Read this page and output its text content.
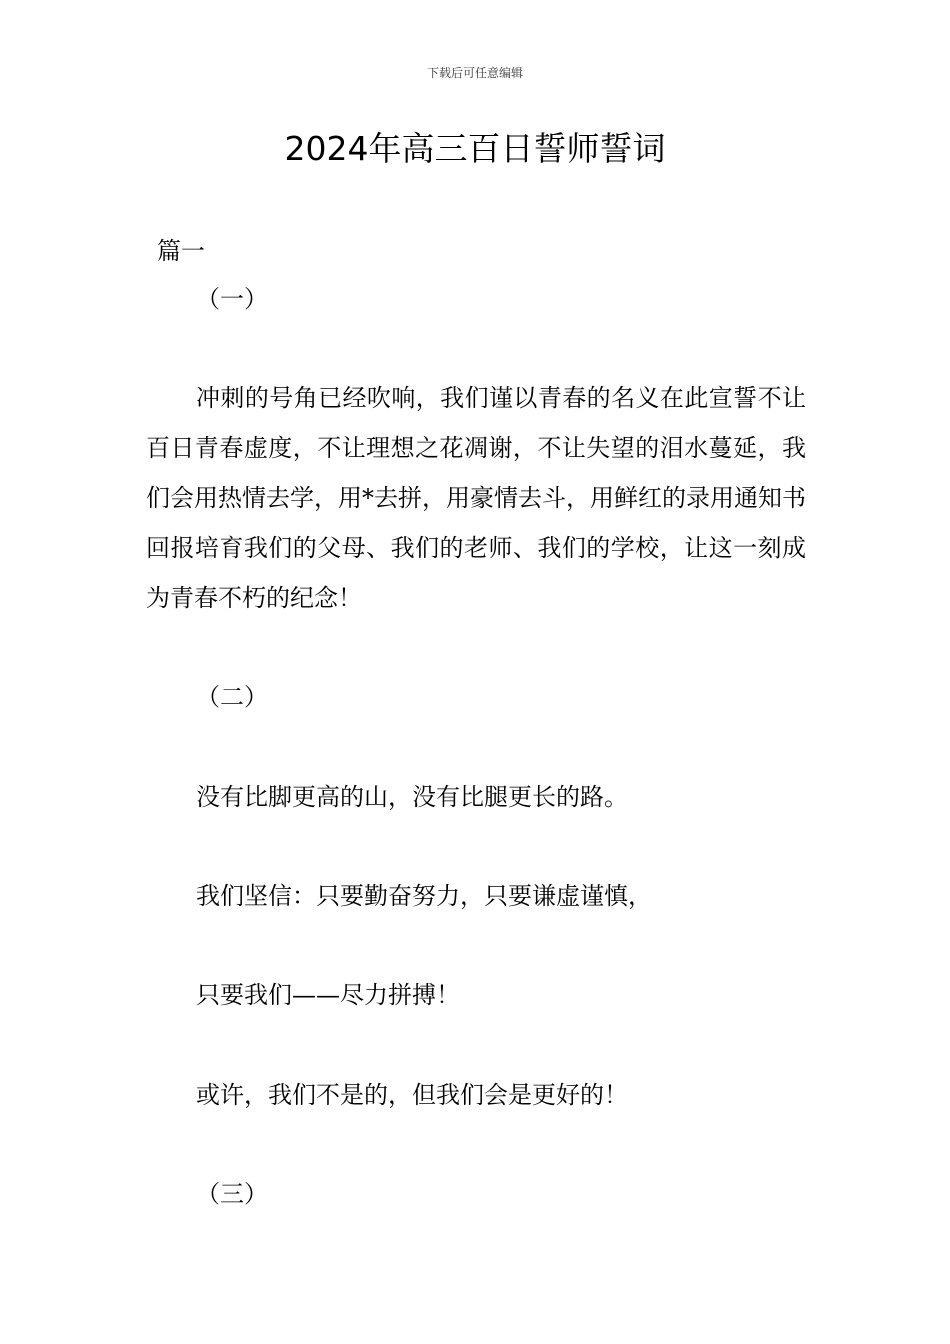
下载后可任意编辑
2024年高三百日誓师誓词
篇一
（一）
冲刺的号角已经吹响，我们谨以青春的名义在此宣誓不让百日青春虚度，不让理想之花凋谢，不让失望的泪水蔓延，我们会用热情去学，用*去拼，用豪情去斗，用鲜红的录用通知书回报培育我们的父母、我们的老师、我们的学校，让这一刻成为青春不朽的纪念！
（二）
没有比脚更高的山，没有比腿更长的路。
我们坚信：只要勤奋努力，只要谦虚谨慎，
只要我们——尽力拼搏！
或许，我们不是的，但我们会是更好的！
（三）
